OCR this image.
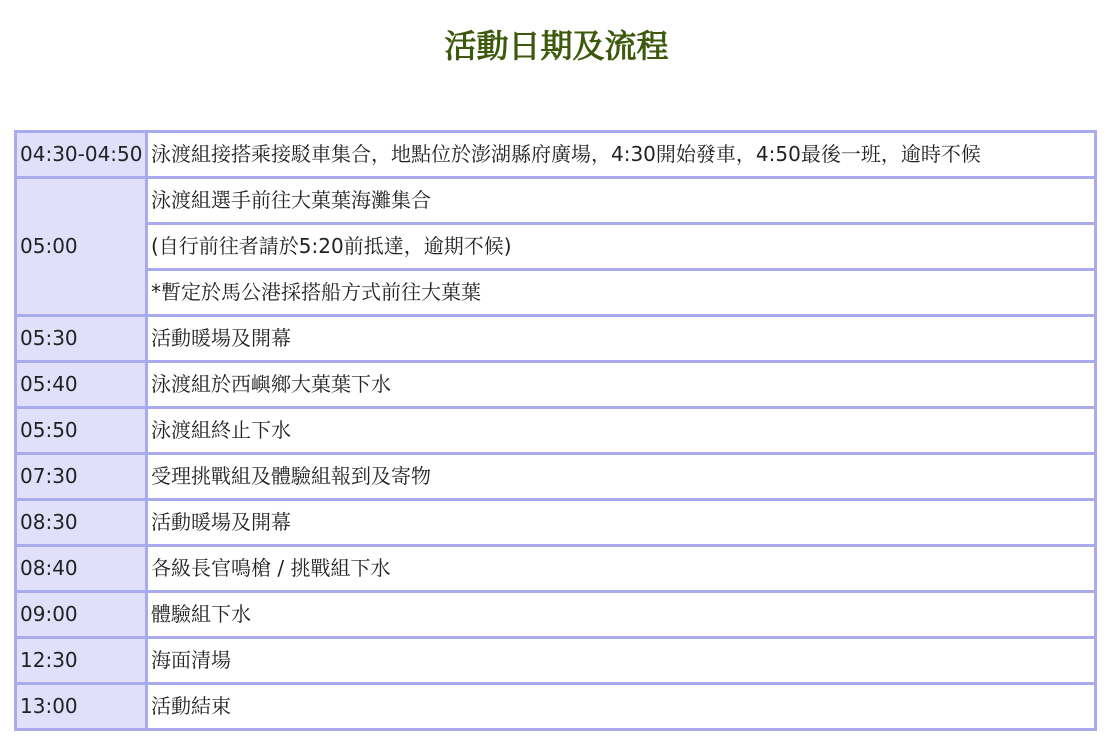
活動日期及流程
04:30-04:50	泳渡組接搭乘接駁車集合，地點位於澎湖縣府廣場，4:30開始發車，4:50最後一班，逾時不候
05:00	泳渡組選手前往大菓葉海灘集合
	(自行前往者請於5:20前抵達，逾期不候)
	*暫定於馬公港採搭船方式前往大菓葉
05:30	活動暖場及開幕
05:40	泳渡組於西嶼鄉大菓葉下水
05:50	泳渡組終止下水
07:30	受理挑戰組及體驗組報到及寄物
08:30	活動暖場及開幕
08:40	各級長官鳴槍 / 挑戰組下水
09:00	體驗組下水
12:30	海面清場
13:00	活動結束
